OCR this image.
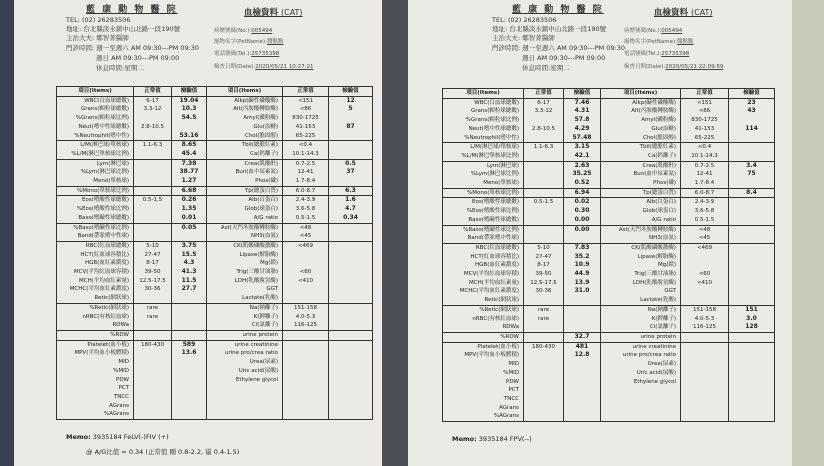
藍 康 動 物 醫 院
TEL: (02) 26283506
地址: 台北縣淡水鎮中山北路一段190號
主治大夫: 鄭智菁醫師
門診時間: 週一至週六 AM 09:30---PM 09:30
週日 AM 09:30---PM 09:00
休息時間:星期二
血檢資料 (CAT)
病歷號碼(No.):005494
寵物名字(PetName):醬點點
電話號碼(Tel.):25735398
檢查日期(Date):2020/05/21 10:27:21
項目(Items)	正常值	檢驗值	項目(Items)	正常值	檢驗值
WBC(白血球總數)	6-17	19.04	Alkp(鹼性磷酸酶)	<151	12
Grans(顆粒球總數)	3.3-12	10.3	Alt(丙胺酸轉胺酶)	<86	5
%Grans(顆粒球比例)		54.5	Amyl(澱粉酶)	830-1725	
Neut(嗜中性球總數)	2.8-10.5		Glu(血糖)	41-153	87
%Neutrophil(嗜中性)		53.16	Chol(膽固醇)	65-225	
L/M(淋巴球/單核球)	1.1-6.3	8.65	Tbil(總膽紅素)	<0.4	
%L/M(淋巴單核球比例)		45.4	Ca(鈣離子)	10.1-14.3	
Lym(淋巴球)		7.38	Crea(肌酸酐)	0.7-2.5	0.5
%Lym(淋巴球比例)		38.77	Bun(血中尿素氮)	12-41	37
Mono(單核球)		1.27	Phos(磷)	1.7-8.4	
%Mono(單核球比例)		6.68	Tp(總蛋白質)	6.0-8.7	6.3
Eos(嗜酸性球總數)	0.5-1.5	0.26	Alb(白蛋白)	2.4-3.9	1.6
%Eos(嗜酸性球比例)		1.35	Glob(球蛋白)	3.6-5.8	4.7
Baso(嗜鹼性球總數)		0.01	A/G ratio	0.5-1.5	0.34
%Baso(嗜鹼性球比例)		0.05	Ast(天門冬胺酸轉胺酶)	<48	
Band(帶狀嗜中性球)			NH3(血氨)	<45	
RBC(紅血球總數)	5-10	3.75	CK(肌酸磷酸激酶)	<469	
HCT(紅血球容積比)	27-47	15.5	Lipase(解脂酶)		
HGB(血紅素濃度)	8-17	4.3	Mg(鎂)		
MCV(平均紅血球容積)	39-50	41.3	Trig(三酸甘油脂)	<60	
MCH(平均血紅素量)	12.5-17.5	11.5	LDH(乳酸脫氫酶)	<410	
MCHC(平均血紅素濃度)	30-36	27.7	GGT		
Retic(網狀球)			Lactate(乳酸)		
%Retic(網狀球)	rare		Na(鈉離子)	151-158	
nRBC(有核紅血球)	rare		K(鉀離子)	4.0-5.3	
RDWa			Cl(氯離子)	116-125	
%RDW			urine protein		
Platelet(血小板)	180-430	589	urine creatinine		
MPV(平均血小板體積)		13.6	urine pro/crea ratio		
MID			Urea(尿素)		
%MID			Uric acid(尿酸)		
PDW			Ethylene glycol		
PCT					
TNCC					
AGrans					
%AGrans					
Memo: 3935184 FeLV(-)FIV (+)
@ A/G比值 = 0.34 (正常值 剛 0.8-2.2, 貓 0.4-1.5)
藍 康 動 物 醫 院
TEL: (02) 26283506
地址: 台北縣淡水鎮中山北路一段190號
主治大夫: 鄭智菁醫師
門診時間: 週一至週六 AM 09:30---PM 09:30
週日 AM 09:30---PM 09:00
休息時間:星期二
血檢資料 (CAT)
病歷號碼(No.):005494
寵物名字(PetName):醬點點
電話號碼(Tel.):25735398
檢查日期(Date):2020/05/21 22:09:59
項目(Items)	正常值	檢驗值	項目(Items)	正常值	檢驗值
WBC(白血球總數)	6-17	7.46	Alkp(鹼性磷酸酶)	<151	23
Grans(顆粒球總數)	3.3-12	4.31	Alt(丙胺酸轉胺酶)	<86	43
%Grans(顆粒球比例)		57.8	Amyl(澱粉酶)	830-1725	
Neut(嗜中性球總數)	2.8-10.5	4.29	Glu(血糖)	41-153	114
%Neutrophil(嗜中性)		57.48	Chol(膽固醇)	65-225	
L/M(淋巴球/單核球)	1.1-6.3	3.15	Tbil(總膽紅素)	<0.4	
%L/M(淋巴單核球比例)		42.1	Ca(鈣離子)	10.1-14.3	
Lym(淋巴球)		2.63	Crea(肌酸酐)	0.7-2.5	3.4
%Lym(淋巴球比例)		35.25	Bun(血中尿素氮)	12-41	75
Mono(單核球)		0.52	Phos(磷)	1.7-8.4	
%Mono(單核球比例)		6.94	Tp(總蛋白質)	6.0-8.7	8.4
Eos(嗜酸性球總數)	0.5-1.5	0.02	Alb(白蛋白)	2.4-3.9	
%Eos(嗜酸性球比例)		0.30	Glob(球蛋白)	3.6-5.8	
Baso(嗜鹼性球總數)		0.00	A/G ratio	0.5-1.5	
%Baso(嗜鹼性球比例)		0.00	Ast(天門冬胺酸轉胺酶)	<48	
Band(帶狀嗜中性球)			NH3(血氨)	<45	
RBC(紅血球總數)	5-10	7.83	CK(肌酸磷酸激酶)	<469	
HCT(紅血球容積比)	27-47	35.2	Lipase(解脂酶)		
HGB(血紅素濃度)	8-17	10.9	Mg(鎂)		
MCV(平均紅血球容積)	39-50	44.9	Trig(三酸甘油脂)	<60	
MCH(平均血紅素量)	12.5-17.5	13.9	LDH(乳酸脫氫酶)	<410	
MCHC(平均血紅素濃度)	30-36	31.0	GGT		
Retic(網狀球)			Lactate(乳酸)		
%Retic(網狀球)	rare		Na(鈉離子)	151-158	151
nRBC(有核紅血球)	rare		K(鉀離子)	4.0-5.3	3.0
RDWa			Cl(氯離子)	116-125	128
%RDW		32.7	urine protein		
Platelet(血小板)	180-430	481	urine creatinine		
MPV(平均血小板體積)		12.8	urine pro/crea ratio		
MID			Urea(尿素)		
%MID			Uric acid(尿酸)		
PDW			Ethylene glycol		
PCT					
TNCC					
AGrans					
%AGrans					
Memo: 3935184 FPV(--)
